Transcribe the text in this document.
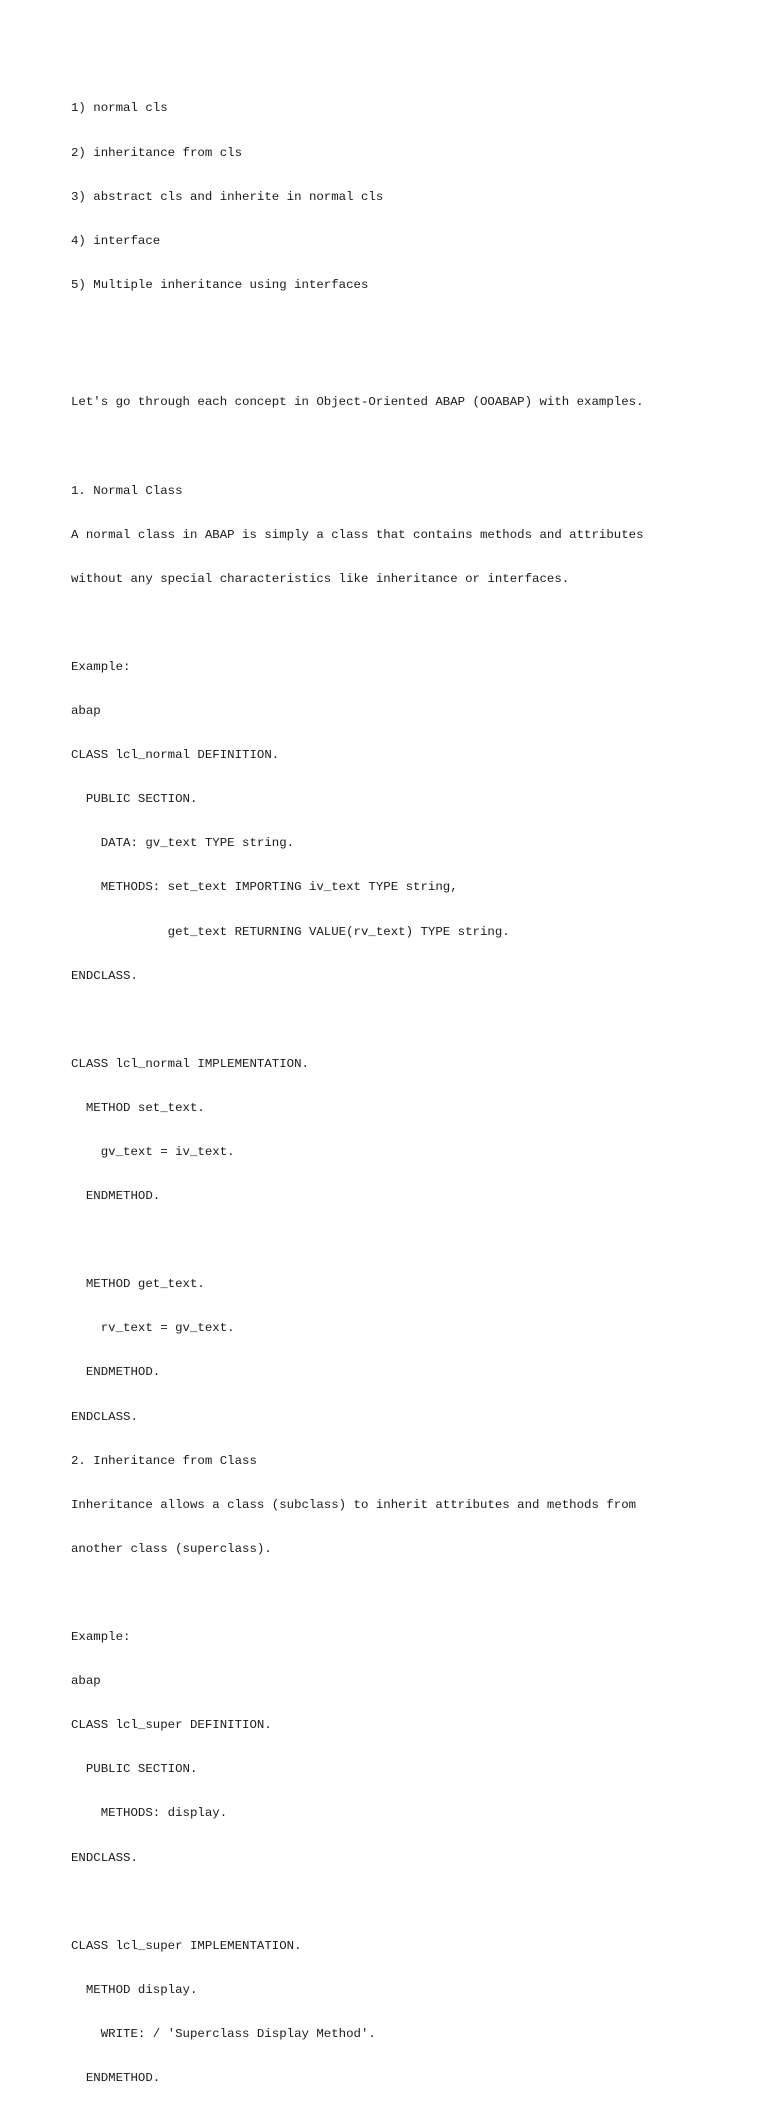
1) normal cls

2) inheritance from cls

3) abstract cls and inherite in normal cls

4) interface

5) Multiple inheritance using interfaces

Let's go through each concept in Object-Oriented ABAP (OOABAP) with examples.

1. Normal Class

A normal class in ABAP is simply a class that contains methods and attributes

without any special characteristics like inheritance or interfaces.

Example:

abap

CLASS lcl_normal DEFINITION.

PUBLIC SECTION.

DATA: gv_text TYPE string.

METHODS: set_text IMPORTING iv_text TYPE string,

get_text RETURNING VALUE(rv_text) TYPE string.

ENDCLASS.

CLASS lcl_normal IMPLEMENTATION.

METHOD set_text.

gv_text = iv_text.

ENDMETHOD.

METHOD get_text.

rv_text = gv_text.

ENDMETHOD.

ENDCLASS.

2. Inheritance from Class

Inheritance allows a class (subclass) to inherit attributes and methods from

another class (superclass).

Example:

abap

CLASS lcl_super DEFINITION.

PUBLIC SECTION.

METHODS: display.

ENDCLASS.

CLASS lcl_super IMPLEMENTATION.

METHOD display.

WRITE: / 'Superclass Display Method'.

ENDMETHOD.
